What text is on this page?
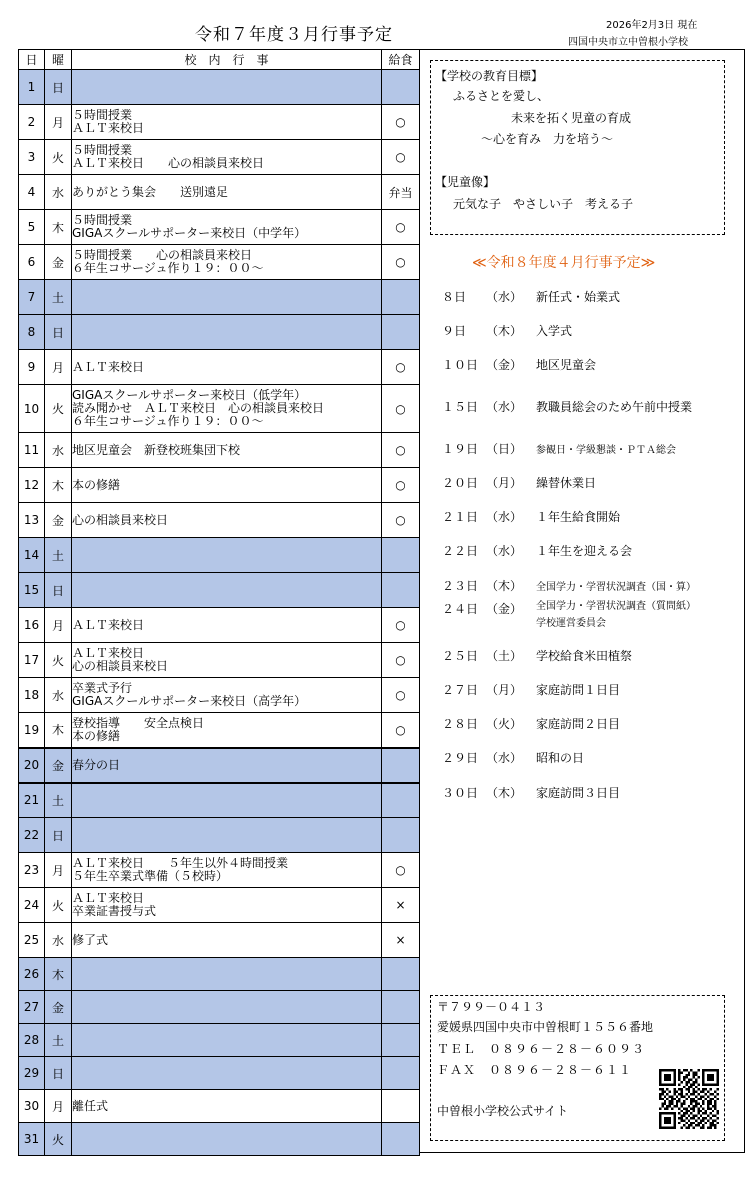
令和７年度３月行事予定	2026年2月3日 現在
四国中央市立中曽根小学校
日	曜	校　内　行　事	給食
1	日		
2	月	５時間授業
ＡＬＴ来校日	○
3	火	５時間授業
ＡＬＴ来校日　　心の相談員来校日	○
4	水	ありがとう集会　　送別遠足	弁当
5	木	５時間授業
GIGAスクールサポーター来校日（中学年）	○
6	金	５時間授業　　心の相談員来校日
６年生コサージュ作り１９：００～	○
7	土		
8	日		
9	月	ＡＬＴ来校日	○
10	火	GIGAスクールサポーター来校日（低学年）
読み聞かせ　ＡＬＴ来校日　心の相談員来校日
６年生コサージュ作り１９：００～	○
11	水	地区児童会　新登校班集団下校	○
12	木	本の修繕	○
13	金	心の相談員来校日	○
14	土		
15	日		
16	月	ＡＬＴ来校日	○
17	火	ＡＬＴ来校日
心の相談員来校日	○
18	水	卒業式予行
GIGAスクールサポーター来校日（高学年）	○
19	木	登校指導　　安全点検日
本の修繕	○
20	金	春分の日	

21	土		
22	日		
23	月	ＡＬＴ来校日　　５年生以外４時間授業
５年生卒業式準備（５校時）	○
24	火	ＡＬＴ来校日
卒業証書授与式	×
25	水	修了式	×
26	木		
27	金		
28	土		
29	日		
30	月	離任式	

31	火		
【学校の教育目標】
ふるさとを愛し、
未来を拓く児童の育成
～心を育み　力を培う～
【児童像】
元気な子　やさしい子　考える子
≪令和８年度４月行事予定≫
８日 （水） 新任式・始業式
９日 （木） 入学式
１０日 （金） 地区児童会
１５日 （水） 教職員総会のため午前中授業
１９日 （日） 参観日・学級懇談・ＰＴＡ総会
２０日 （月） 繰替休業日
２１日 （水） １年生給食開始
２２日 （水） １年生を迎える会
２３日 （木） 全国学力・学習状況調査（国・算）
２４日 （金） 全国学力・学習状況調査（質問紙）
学校運営委員会
２５日 （土） 学校給食米田植祭
２７日 （月） 家庭訪問１日目
２８日 （火） 家庭訪問２日目
２９日 （水） 昭和の日
３０日 （木） 家庭訪問３日目
〒７９９－０４１３
愛媛県四国中央市中曽根町１５５６番地
ＴＥＬ　０８９６－２８－６０９３
ＦＡＸ　０８９６－２８－６１１
中曽根小学校公式サイト
